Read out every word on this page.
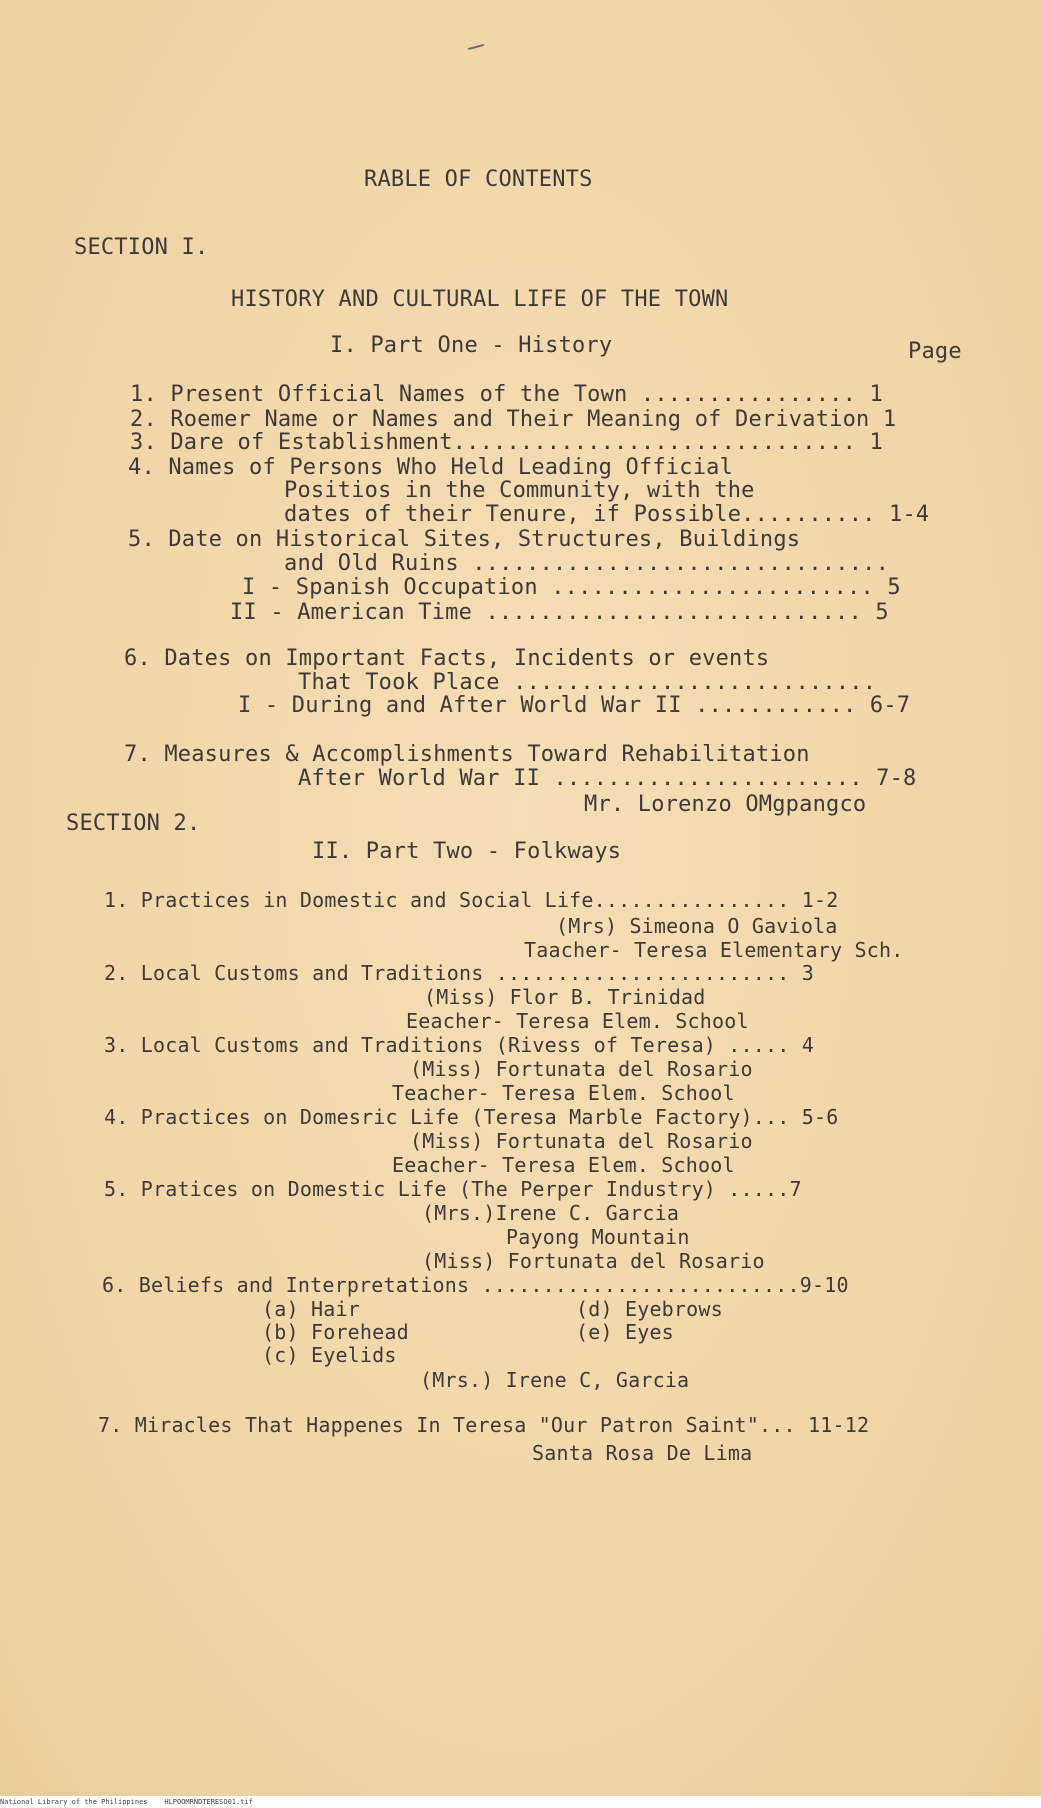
RABLE OF CONTENTS
SECTION I.
HISTORY AND CULTURAL LIFE OF THE TOWN
I. Part One - History	Page
1. Present Official Names of the Town ................ 1
2. Roemer Name or Names and Their Meaning of Derivation 1
3. Dare of Establishment.............................. 1
4. Names of Persons Who Held Leading Official
Positios in the Community, with the
dates of their Tenure, if Possible.......... 1-4
5. Date on Historical Sites, Structures, Buildings
and Old Ruins ...............................
I - Spanish Occupation ........................ 5
II - American Time ............................ 5
6. Dates on Important Facts, Incidents or events
That Took Place ...........................
I - During and After World War II ............ 6-7
7. Measures & Accomplishments Toward Rehabilitation
After World War II ....................... 7-8
Mr. Lorenzo OMgpangco
SECTION 2.
II. Part Two - Folkways
1. Practices in Domestic and Social Life................ 1-2
(Mrs) Simeona O Gaviola
Taacher- Teresa Elementary Sch.
2. Local Customs and Traditions ........................ 3
(Miss) Flor B. Trinidad
Eeacher- Teresa Elem. School
3. Local Customs and Traditions (Rivess of Teresa) ..... 4
(Miss) Fortunata del Rosario
Teacher- Teresa Elem. School
4. Practices on Domesric Life (Teresa Marble Factory)... 5-6
(Miss) Fortunata del Rosario
Eeacher- Teresa Elem. School
5. Pratices on Domestic Life (The Perper Industry) .....7
(Mrs.)Irene C. Garcia
Payong Mountain
(Miss) Fortunata del Rosario
6. Beliefs and Interpretations ..........................9-10
(a) Hair	(d) Eyebrows
(b) Forehead	(e) Eyes
(c) Eyelids
(Mrs.) Irene C, Garcia
7. Miracles That Happenes In Teresa "Our Patron Saint"... 11-12
Santa Rosa De Lima
National Library of the Philippines    HLPOOMRNDTERESO01.tif
